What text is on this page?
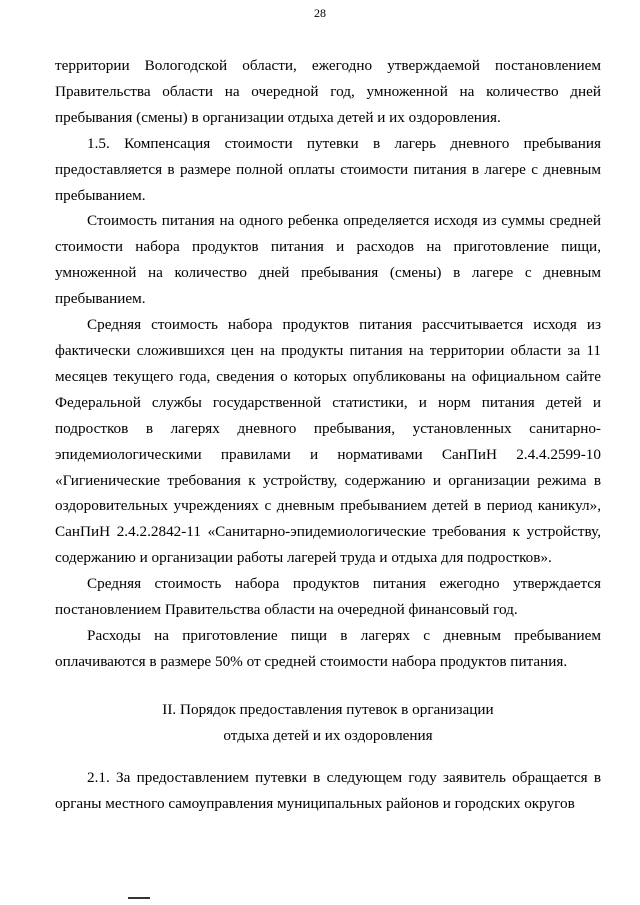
28

территории Вологодской области, ежегодно утверждаемой постановлением Правительства области на очередной год, умноженной на количество дней пребывания (смены) в организации отдыха детей и их оздоровления.

1.5. Компенсация стоимости путевки в лагерь дневного пребывания предоставляется в размере полной оплаты стоимости питания в лагере с дневным пребыванием.

Стоимость питания на одного ребенка определяется исходя из суммы средней стоимости набора продуктов питания и расходов на приготовление пищи, умноженной на количество дней пребывания (смены) в лагере с дневным пребыванием.

Средняя стоимость набора продуктов питания рассчитывается исходя из фактически сложившихся цен на продукты питания на территории области за 11 месяцев текущего года, сведения о которых опубликованы на официальном сайте Федеральной службы государственной статистики, и норм питания детей и подростков в лагерях дневного пребывания, установленных санитарно-эпидемиологическими правилами и нормативами СанПиН 2.4.4.2599-10 «Гигиенические требования к устройству, содержанию и организации режима в оздоровительных учреждениях с дневным пребыванием детей в период каникул», СанПиН 2.4.2.2842-11 «Санитарно-эпидемиологические требования к устройству, содержанию и организации работы лагерей труда и отдыха для подростков».

Средняя стоимость набора продуктов питания ежегодно утверждается постановлением Правительства области на очередной финансовый год.

Расходы на приготовление пищи в лагерях с дневным пребыванием оплачиваются в размере 50% от средней стоимости набора продуктов питания.

II. Порядок предоставления путевок в организации
отдыха детей и их оздоровления

2.1. За предоставлением путевки в следующем году заявитель обращается в органы местного самоуправления муниципальных районов и городских округов
